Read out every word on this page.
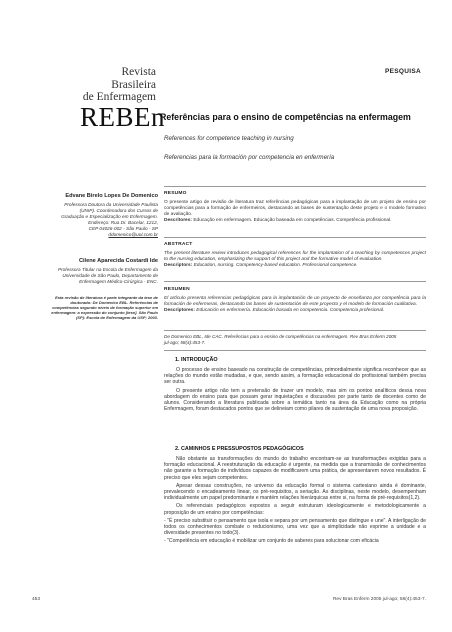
Revista
Brasileira
de Enfermagem
REBEn
PESQUISA
Referências para o ensino de competências na enfermagem
References for competence teaching in nursing
Referencias para la formación por competencia en enfermería
Edvane Birelo Lopes De Domenico
Professora Doutora da Universidade Paulista
(UNIP). Coordenadora dos Cursos de
Graduação e Especialização em Enfermagem.
Endereço: Rua Dr. Bacelar, 1212,
CEP 04026-002 - São Paulo - SP
ddomenico@uol.com.br
Cilene Aparecida Costardi Ide
Professora Titular na Escola de Enfermagem da
Universidade de São Paulo, Departamento de
Enfermagem Médico-Cirúrgica - ENC.
Esta revisão de literatura é parte integrante da tese de
doutorado: De Domenico EBL. Referências de
competências segundo níveis de formação superior em
enfermagem: a expressão do conjunto [tese]. São Paulo
(SP): Escola de Enfermagem da USP; 2003.
RESUMO
O presente artigo de revisão de literatura traz referências pedagógicas para a implantação de um projeto de ensino por competências para a formação de enfermeiros, destacando as bases de sustentação deste projeto e o modelo formativo de avaliação.
Descritores: Educação em enfermagem. Educação baseada em competências. Competência profissional.
ABSTRACT
The present literature review introduces pedagogical references for the implantation of a teaching by competences project to the nursing education, emphasizing the support of this project and the formative model of evaluation.
Descriptors: Education, nursing. Competency-based education. Professional competence.
RESUMEN
El artículo presenta referencias pedagógicas para la implantación de un proyecto de enseñanza por competência para la formación de enfermeras, destacando las bases de sustentación de este proyecto y el modelo de formación cualitativa.
Descriptores: Educación en enfermería. Educación basada en competencia. Competencia profesional.
De Domenico EBL, Ide CAC. Referências para o ensino de competências na enfermagem. Rev Bras Enferm 2005
jul-ago; 58(4):453-7.
1. INTRODUÇÃO

O processo de ensino baseado na construção de competências, primordialmente significa reconhecer que as relações do mundo estão mudadas, e que, sendo assim, a formação educacional do profissional também precisa ser outra.

O presente artigo não tem a pretensão de trazer um modelo, mas sim os pontos analíticos dessa nova abordagem do ensino para que possam gerar inquietações e discussões por parte tanto de docentes como de alunos. Considerando a literatura publicada sobre a temática tanto na área da Educação como na própria Enfermagem, foram destacados pontos que se delineiam como pilares de sustentação de uma nova proposição.

2. CAMINHOS E PRESSUPOSTOS PEDAGÓGICOS

Não obstante as transformações do mundo do trabalho encontram-se as transformações exigidas para a formação educacional. A reestruturação da educação é urgente, na medida que a transmissão de conhecimentos não garante a formação de indivíduos capazes de modificarem uma prática, de apresentarem novos resultados. É preciso que eles sejam competentes.

Apesar dessas construções, no universo da educação formal o sistema cartesiano ainda é dominante, prevalecendo o encadeamento linear, os pré-requisitos, a seriação. As disciplinas, neste modelo, desempenham individualmente um papel predominante e mantém relações hierárquicas entre si, na forma de pré-requisitos(1,2).

Os referenciais pedagógicos expostos a seguir estruturam ideologicamente e metodologicamente a proposição de um ensino por competências:

- "É preciso substituir o pensamento que isola e separa por um pensamento que distingue e une". A interligação de todos os conhecimentos combate o reducionismo, uma vez que a simplicidade não exprime a unidade e a diversidade presentes no todo(3).

- "Competência em educação é mobilizar um conjunto de saberes para solucionar com eficácia

453	Rev Bras Enferm 2005 jul-ago; 58(4):453-7.
